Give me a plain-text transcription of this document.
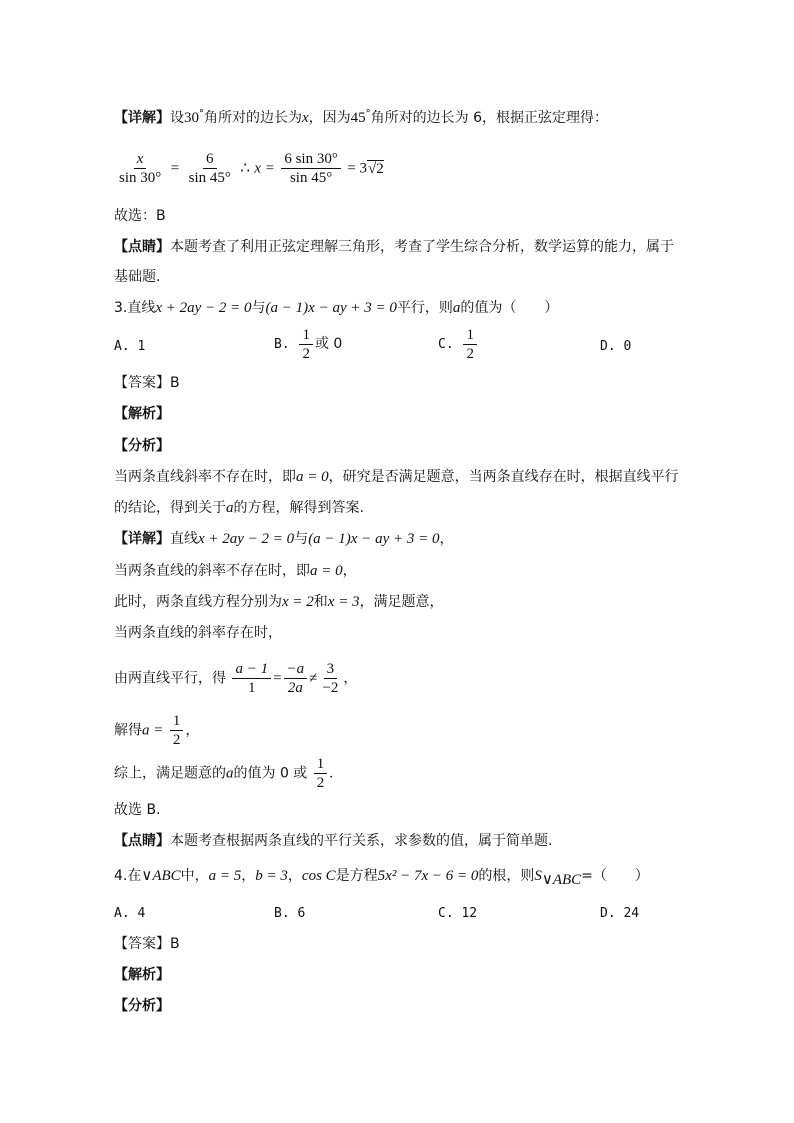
【详解】设30°角所对的边长为x，因为45°角所对的边长为 6，根据正弦定理得：
$\frac{x}{\sin 30^\circ} = \frac{6}{\sin 45^\circ}$ ∴ $x = \frac{6 \sin 30^\circ}{\sin 45^\circ} = 3√2$
故选：B
【点睛】本题考查了利用正弦定理解三角形，考查了学生综合分析，数学运算的能力，属于
基础题.
3.直线x + 2ay − 2 = 0与(a − 1)x − ay + 3 = 0平行，则a的值为（　　）
A. 1	B. $\frac{1}{2}$ 或 0	C. $\frac{1}{2}$	D. 0
【答案】B
【解析】
【分析】
当两条直线斜率不存在时，即a = 0，研究是否满足题意，当两条直线存在时，根据直线平行
的结论，得到关于a的方程，解得到答案.
【详解】直线x + 2ay − 2 = 0与(a − 1)x − ay + 3 = 0，
当两条直线的斜率不存在时，即a = 0，
此时，两条直线方程分别为x = 2和x = 3，满足题意，
当两条直线的斜率存在时，
由两直线平行，得 $\frac{a - 1}{1} = \frac{-a}{2a} \ne \frac{3}{-2}$ ，
解得$a = \frac{1}{2}$ ，
综上，满足题意的a的值为 0 或 $\frac{1}{2}$ .
故选 B.
【点睛】本题考查根据两条直线的平行关系，求参数的值，属于简单题.
4.在∨ABC中，a = 5，b = 3，cos C是方程5x² − 7x − 6 = 0的根，则$S_{\vee ABC}=$（　　）
A. 4	B. 6	C. 12	D. 24
【答案】B
【解析】
【分析】
